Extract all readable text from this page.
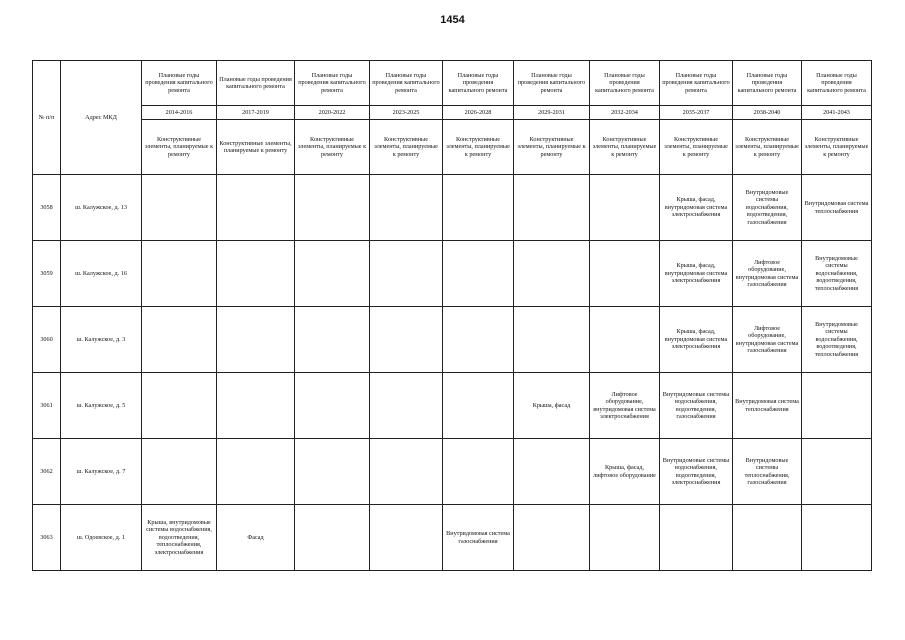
1454
№ п/п	Адрес МКД	Плановые годы проведения капитального ремонта	Плановые годы проведения капитального ремонта	Плановые годы проведения капитального ремонта	Плановые годы проведения капитального ремонта	Плановые годы проведения капитального ремонта	Плановые годы проведения капитального ремонта	Плановые годы проведения капитального ремонта	Плановые годы проведения капитального ремонта	Плановые годы проведения капитального ремонта	Плановые годы проведения капитального ремонта
		2014-2016	2017-2019	2020-2022	2023-2025	2026-2028	2029-2031	2032-2034	2035-2037	2038-2040	2041-2043
		Конструктивные элементы, планируемые к ремонту	Конструктивные элементы, планируемые к ремонту	Конструктивные элементы, планируемые к ремонту	Конструктивные элементы, планируемые к ремонту	Конструктивные элементы, планируемые к ремонту	Конструктивные элементы, планируемые к ремонту	Конструктивные элементы, планируемые к ремонту	Конструктивные элементы, планируемые к ремонту	Конструктивные элементы, планируемые к ремонту	Конструктивные элементы, планируемые к ремонту
3058	ш. Калужское, д. 13								Крыша, фасад, внутридомовая система электроснабжения	Внутридомовые системы водоснабжения, водоотведения, газоснабжения	Внутридомовая система теплоснабжения
3059	ш. Калужское, д. 16								Крыша, фасад, внутридомовая система электроснабжения	Лифтовое оборудование, внутридомовая система газоснабжения	Внутридомовые системы водоснабжения, водоотведения, теплоснабжения
3060	ш. Калужское, д. 3								Крыша, фасад, внутридомовая система электроснабжения	Лифтовое оборудование, внутридомовая система газоснабжения	Внутридомовые системы водоснабжения, водоотведения, теплоснабжения
3061	ш. Калужское, д. 5						Крыша, фасад	Лифтовое оборудование, внутридомовая система электроснабжения	Внутридомовые системы водоснабжения, водоотведения, газоснабжения	Внутридомовая система теплоснабжения	
3062	ш. Калужское, д. 7							Крыша, фасад, лифтовое оборудование	Внутридомовые системы водоснабжения, водоотведения, электроснабжения	Внутридомовые системы теплоснабжения, газоснабжения	
3063	ш. Одоевское, д. 1	Крыша, внутридомовые системы водоснабжения, водоотведения, теплоснабжения, электроснабжения	Фасад			Внутридомовая система газоснабжения					
